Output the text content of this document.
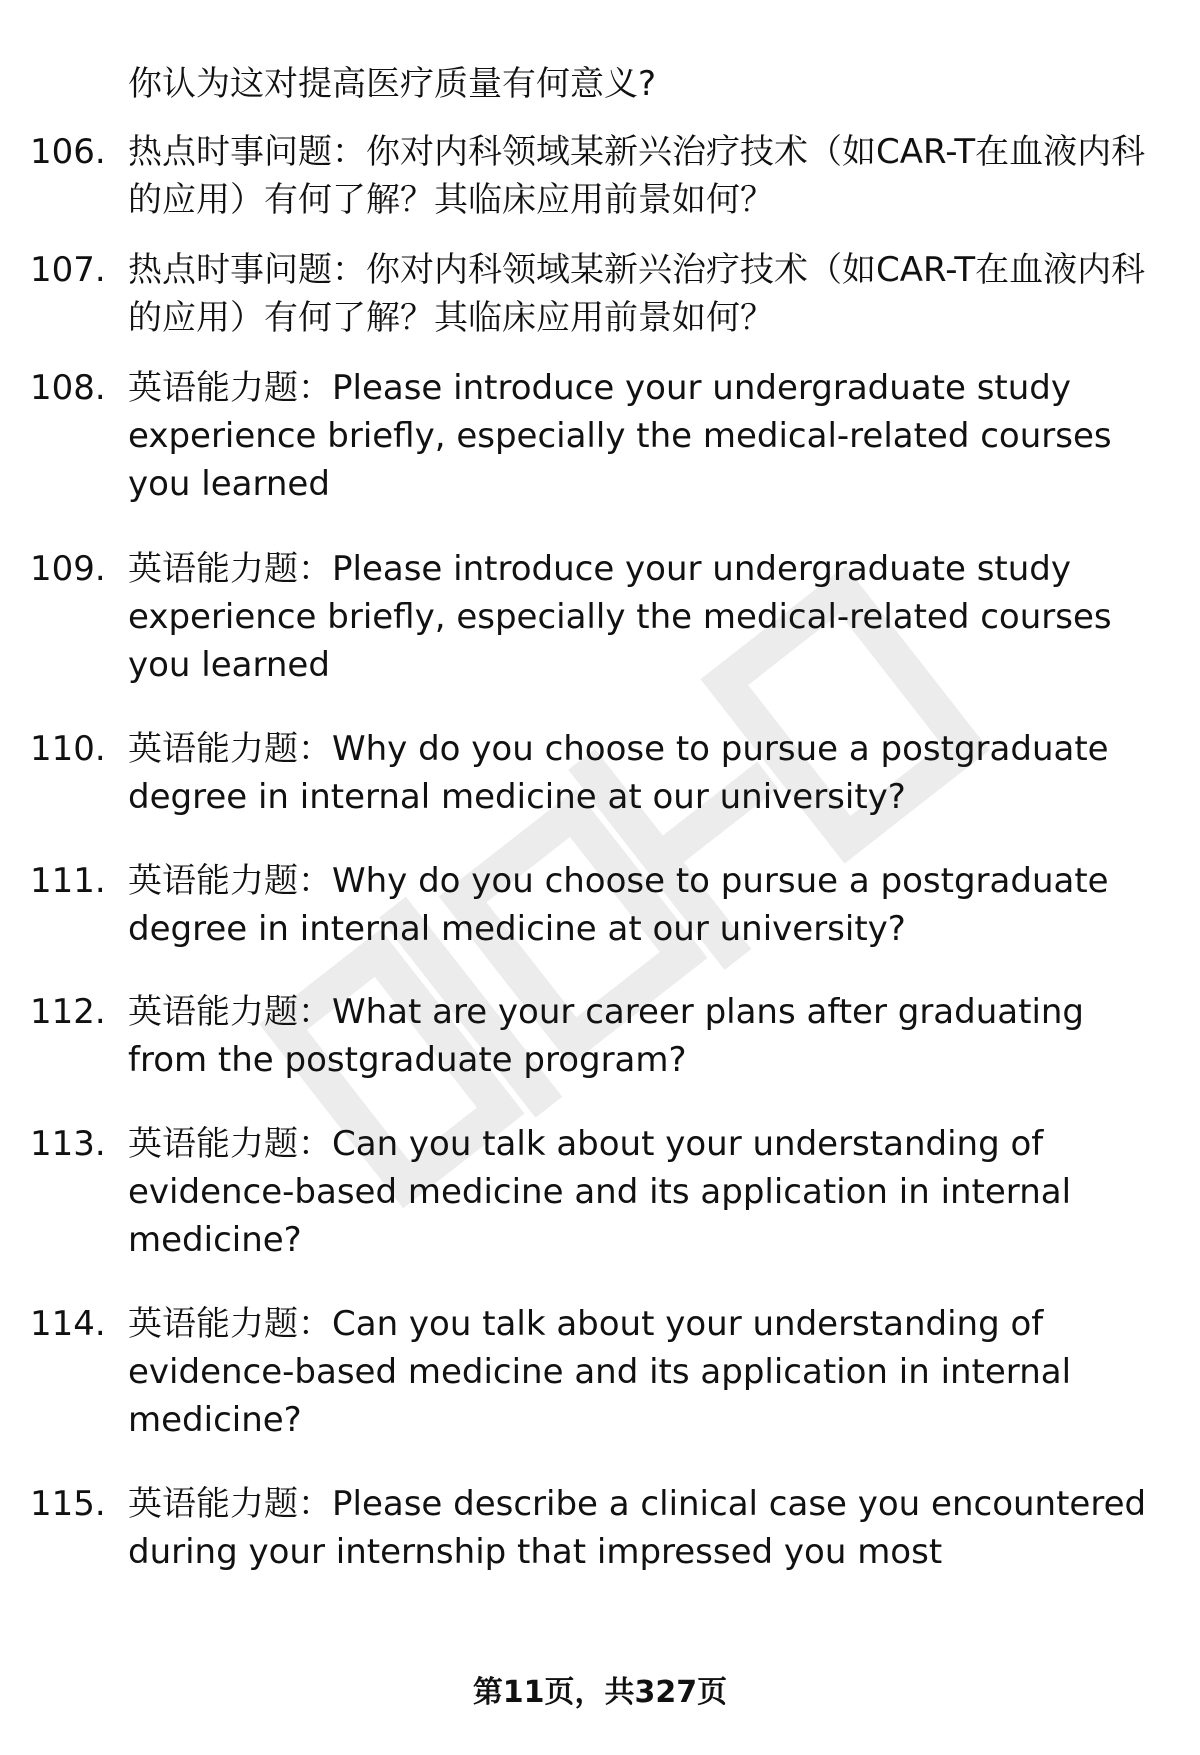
你认为这对提高医疗质量有何意义?
106. 热点时事问题：你对内科领域某新兴治疗技术（如CAR-T在血液内科的应用）有何了解？其临床应用前景如何？
107. 热点时事问题：你对内科领域某新兴治疗技术（如CAR-T在血液内科的应用）有何了解？其临床应用前景如何？
108. 英语能力题：Please introduce your undergraduate study experience briefly, especially the medical-related courses you learned
109. 英语能力题：Please introduce your undergraduate study experience briefly, especially the medical-related courses you learned
110. 英语能力题：Why do you choose to pursue a postgraduate degree in internal medicine at our university?
111. 英语能力题：Why do you choose to pursue a postgraduate degree in internal medicine at our university?
112. 英语能力题：What are your career plans after graduating from the postgraduate program?
113. 英语能力题：Can you talk about your understanding of evidence-based medicine and its application in internal medicine?
114. 英语能力题：Can you talk about your understanding of evidence-based medicine and its application in internal medicine?
115. 英语能力题：Please describe a clinical case you encountered during your internship that impressed you most
第11页，共327页
